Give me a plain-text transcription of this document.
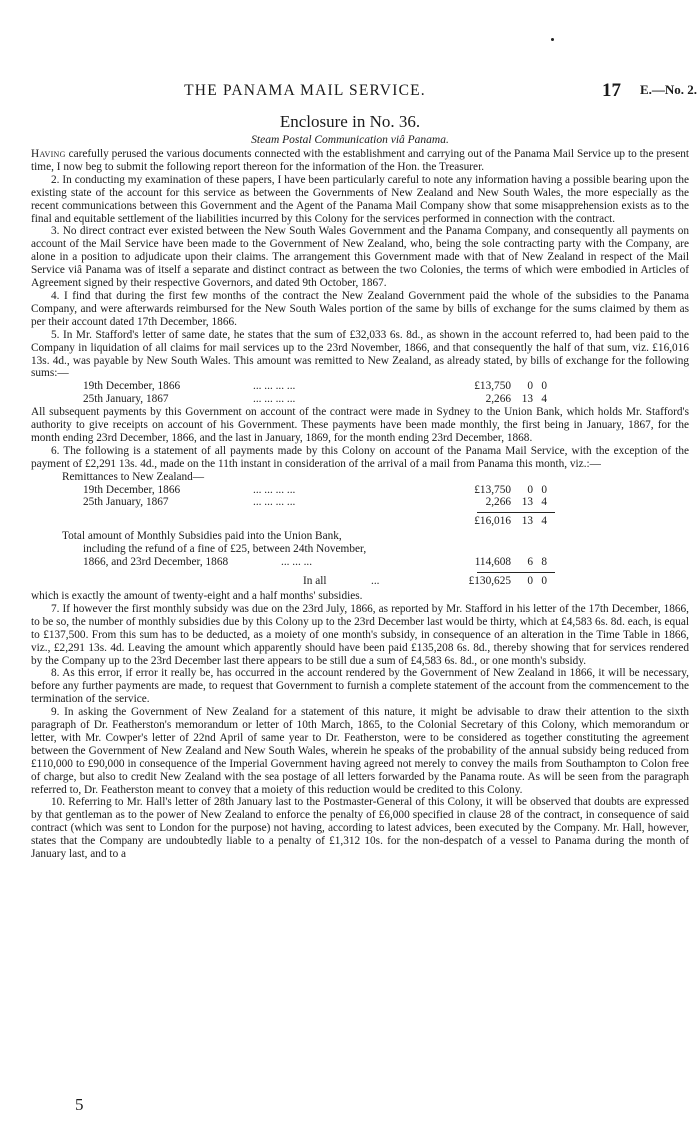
THE PANAMA MAIL SERVICE.	17 E.—No. 2.
Enclosure in No. 36.
Steam Postal Communication viâ Panama.

Having carefully perused the various documents connected with the establishment and carrying out of the Panama Mail Service up to the present time, I now beg to submit the following report thereon for the information of the Hon. the Treasurer.

2. In conducting my examination of these papers, I have been particularly careful to note any information having a possible bearing upon the existing state of the account for this service as between the Governments of New Zealand and New South Wales, the more especially as the recent communications between this Government and the Agent of the Panama Mail Company show that some misapprehension exists as to the final and equitable settlement of the liabilities incurred by this Colony for the services performed in connection with the contract.

3. No direct contract ever existed between the New South Wales Government and the Panama Company, and consequently all payments on account of the Mail Service have been made to the Government of New Zealand, who, being the sole contracting party with the Company, are alone in a position to adjudicate upon their claims. The arrangement this Government made with that of New Zealand in respect of the Mail Service viâ Panama was of itself a separate and distinct contract as between the two Colonies, the terms of which were embodied in Articles of Agreement signed by their respective Governors, and dated 9th October, 1867.

4. I find that during the first few months of the contract the New Zealand Government paid the whole of the subsidies to the Panama Company, and were afterwards reimbursed for the New South Wales portion of the same by bills of exchange for the sums claimed by them as per their account dated 17th December, 1866.

5. In Mr. Stafford's letter of same date, he states that the sum of £32,033 6s. 8d., as shown in the account referred to, had been paid to the Company in liquidation of all claims for mail services up to the 23rd November, 1866, and that consequently the half of that sum, viz. £16,016 13s. 4d., was payable by New South Wales. This amount was remitted to New Zealand, as already stated, by bills of exchange for the following sums:—

19th December, 1866	... ... ... ...	£13,750 0 0
25th January, 1867	... ... ... ...	2,266 13 4

All subsequent payments by this Government on account of the contract were made in Sydney to the Union Bank, which holds Mr. Stafford's authority to give receipts on account of his Government. These payments have been made monthly, the first being in January, 1867, for the month ending 23rd December, 1866, and the last in January, 1869, for the month ending 23rd December, 1868.

6. The following is a statement of all payments made by this Colony on account of the Panama Mail Service, with the exception of the payment of £2,291 13s. 4d., made on the 11th instant in consideration of the arrival of a mail from Panama this month, viz.:—

Remittances to New Zealand—
19th December, 1866	... ... ... ...	£13,750 0 0
25th January, 1867	... ... ... ...	2,266 13 4
£16,016 13 4
Total amount of Monthly Subsidies paid into the Union Bank,
including the refund of a fine of £25, between 24th November,
1866, and 23rd December, 1868	... ... ...	114,608 6 8
In all	...	£130,625 0 0

which is exactly the amount of twenty-eight and a half months' subsidies.

7. If however the first monthly subsidy was due on the 23rd July, 1866, as reported by Mr. Stafford in his letter of the 17th December, 1866, to be so, the number of monthly subsidies due by this Colony up to the 23rd December last would be thirty, which at £4,583 6s. 8d. each, is equal to £137,500. From this sum has to be deducted, as a moiety of one month's subsidy, in consequence of an alteration in the Time Table in 1866, viz., £2,291 13s. 4d. Leaving the amount which apparently should have been paid £135,208 6s. 8d., thereby showing that for services rendered by the Company up to the 23rd December last there appears to be still due a sum of £4,583 6s. 8d., or one month's subsidy.

8. As this error, if error it really be, has occurred in the account rendered by the Government of New Zealand in 1866, it will be necessary, before any further payments are made, to request that Government to furnish a complete statement of the account from the commencement to the termination of the service.

9. In asking the Government of New Zealand for a statement of this nature, it might be advisable to draw their attention to the sixth paragraph of Dr. Featherston's memorandum or letter of 10th March, 1865, to the Colonial Secretary of this Colony, which memorandum or letter, with Mr. Cowper's letter of 22nd April of same year to Dr. Featherston, were to be considered as together constituting the agreement between the Government of New Zealand and New South Wales, wherein he speaks of the probability of the annual subsidy being reduced from £110,000 to £90,000 in consequence of the Imperial Government having agreed not merely to convey the mails from Southampton to Colon free of charge, but also to credit New Zealand with the sea postage of all letters forwarded by the Panama route. As will be seen from the paragraph referred to, Dr. Featherston meant to convey that a moiety of this reduction would be credited to this Colony.

10. Referring to Mr. Hall's letter of 28th January last to the Postmaster-General of this Colony, it will be observed that doubts are expressed by that gentleman as to the power of New Zealand to enforce the penalty of £6,000 specified in clause 28 of the contract, in consequence of said contract (which was sent to London for the purpose) not having, according to latest advices, been executed by the Company. Mr. Hall, however, states that the Company are undoubtedly liable to a penalty of £1,312 10s. for the non-despatch of a vessel to Panama during the month of January last, and to a

5
